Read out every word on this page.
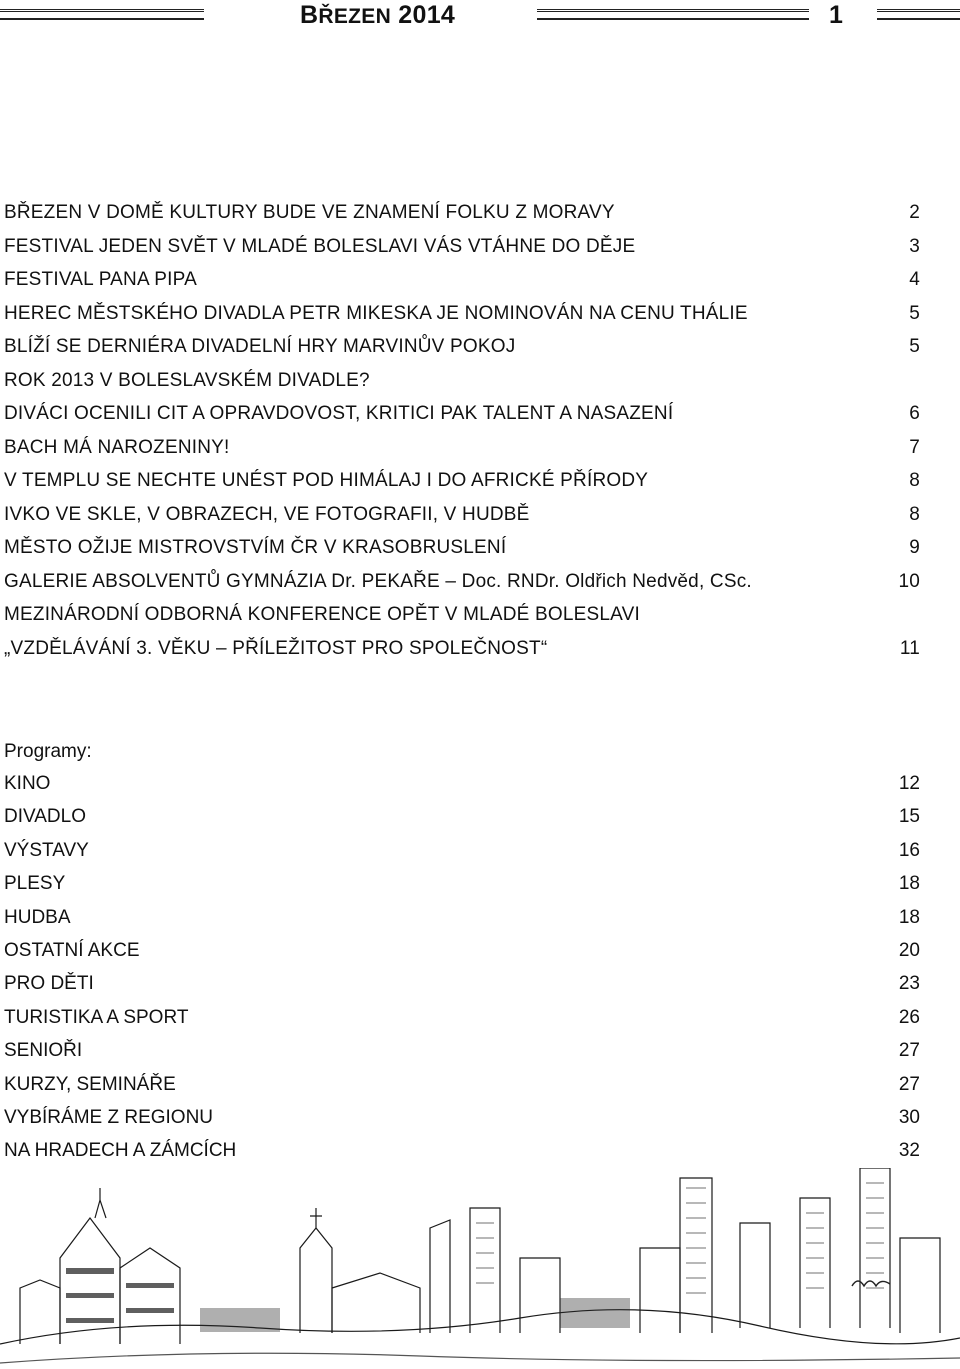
BŘEZEN 2014	1
BŘEZEN V DOMĚ KULTURY BUDE VE ZNAMENÍ FOLKU Z MORAVY	2
FESTIVAL JEDEN SVĚT V MLADÉ BOLESLAVI VÁS VTÁHNE DO DĚJE	3
FESTIVAL PANA PIPA	4
HEREC MĚSTSKÉHO DIVADLA PETR MIKESKA JE NOMINOVÁN NA CENU THÁLIE	5
BLÍŽÍ SE DERNIÉRA DIVADELNÍ HRY MARVINŮV POKOJ	5
ROK 2013 V BOLESLAVSKÉM DIVADLE?
DIVÁCI OCENILI CIT A OPRAVDOVOST, KRITICI PAK TALENT A NASAZENÍ	6
BACH MÁ NAROZENINY!	7
V TEMPLU SE NECHTE UNÉST POD HIMÁLAJ I DO AFRICKÉ PŘÍRODY	8
IVKO VE SKLE, V OBRAZECH, VE FOTOGRAFII, V HUDBĚ	8
MĚSTO OŽIJE MISTROVSTVÍM ČR V KRASOBRUSLENÍ	9
GALERIE ABSOLVENTŮ GYMNÁZIA Dr. PEKAŘE – Doc. RNDr. Oldřich Nedvěd, CSc.	10
MEZINÁRODNÍ ODBORNÁ KONFERENCE OPĚT V MLADÉ BOLESLAVI
„VZDĚLÁVÁNÍ 3. VĚKU – PŘÍLEŽITOST PRO SPOLEČNOST“	11
Programy:
KINO	12
DIVADLO	15
VÝSTAVY	16
PLESY	18
HUDBA	18
OSTATNÍ AKCE	20
PRO DĚTI	23
TURISTIKA A SPORT	26
SENIOŘI	27
KURZY, SEMINÁŘE	27
VYBÍRÁME Z REGIONU	30
NA HRADECH A ZÁMCÍCH	32
